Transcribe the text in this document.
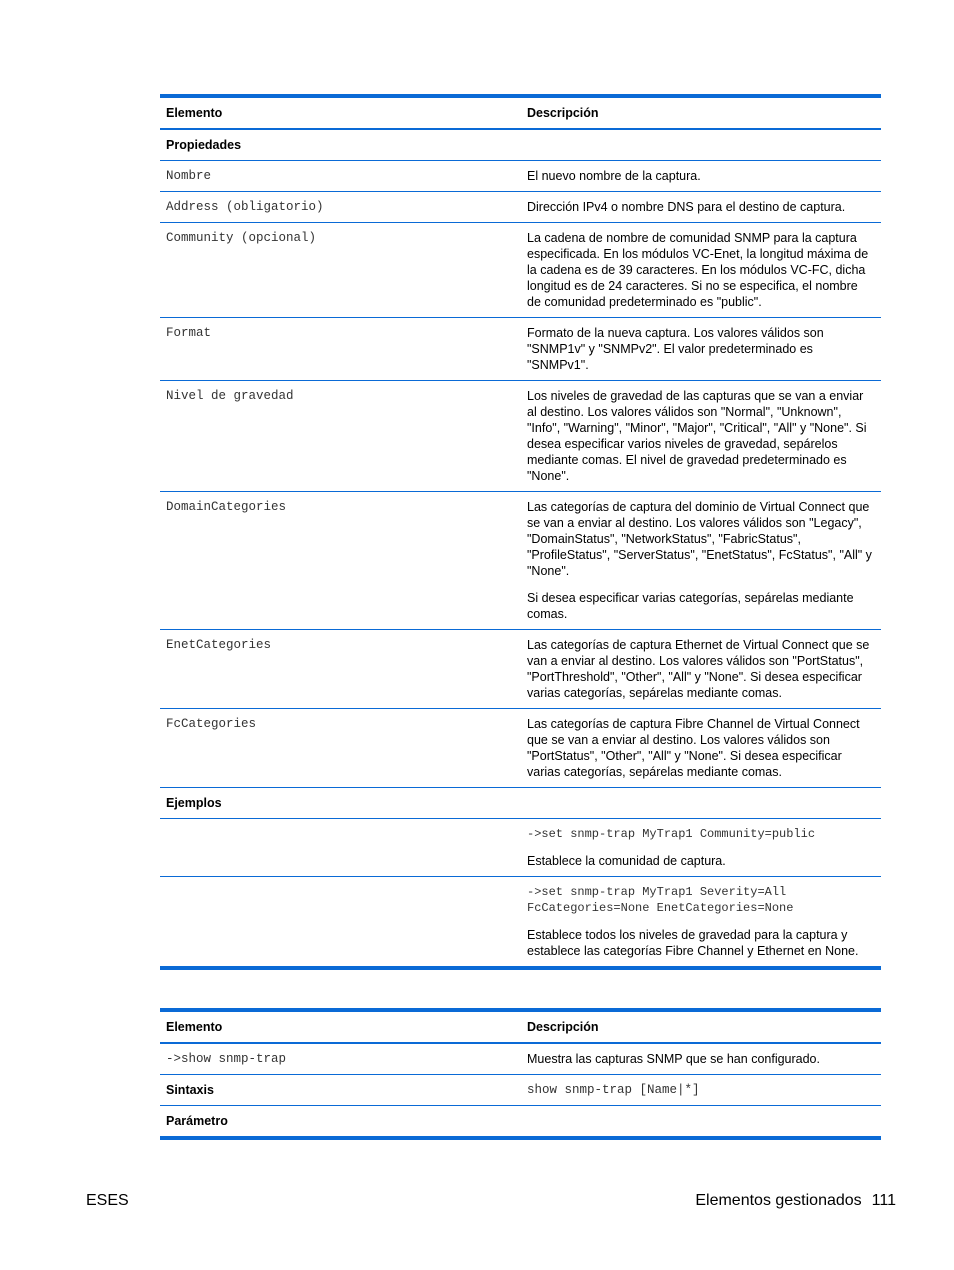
Elemento	Descripción
Propiedades	
Nombre	El nuevo nombre de la captura.

Address (obligatorio)	Dirección IPv4 o nombre DNS para el destino de captura.

Community (opcional)	La cadena de nombre de comunidad SNMP para la captura especificada. En los módulos VC-Enet, la longitud máxima de la cadena es de 39 caracteres. En los módulos VC-FC, dicha longitud es de 24 caracteres. Si no se especifica, el nombre de comunidad predeterminado es "public".

Format	Formato de la nueva captura. Los valores válidos son "SNMP1v" y "SNMPv2". El valor predeterminado es "SNMPv1".

Nivel de gravedad	Los niveles de gravedad de las capturas que se van a enviar al destino. Los valores válidos son "Normal", "Unknown", "Info", "Warning", "Minor", "Major", "Critical", "All" y "None". Si desea especificar varios niveles de gravedad, sepárelos mediante comas. El nivel de gravedad predeterminado es "None".

DomainCategories	Las categorías de captura del dominio de Virtual Connect que se van a enviar al destino. Los valores válidos son "Legacy", "DomainStatus", "NetworkStatus", "FabricStatus", "ProfileStatus", "ServerStatus", "EnetStatus", FcStatus", "All" y "None".

Si desea especificar varias categorías, sepárelas mediante comas.

EnetCategories	Las categorías de captura Ethernet de Virtual Connect que se van a enviar al destino. Los valores válidos son "PortStatus", "PortThreshold", "Other", "All" y "None". Si desea especificar varias categorías, sepárelas mediante comas.

FcCategories	Las categorías de captura Fibre Channel de Virtual Connect que se van a enviar al destino. Los valores válidos son "PortStatus", "Other", "All" y "None". Si desea especificar varias categorías, sepárelas mediante comas.

Ejemplos	

	->set snmp-trap MyTrap1 Community=public

Establece la comunidad de captura.

	->set snmp-trap MyTrap1 Severity=All
FcCategories=None EnetCategories=None

Establece todos los niveles de gravedad para la captura y establece las categorías Fibre Channel y Ethernet en None.

Elemento	Descripción
->show snmp-trap	Muestra las capturas SNMP que se han configurado.
Sintaxis	show snmp-trap [Name|*]
Parámetro	
ESES	Elementos gestionados 111
